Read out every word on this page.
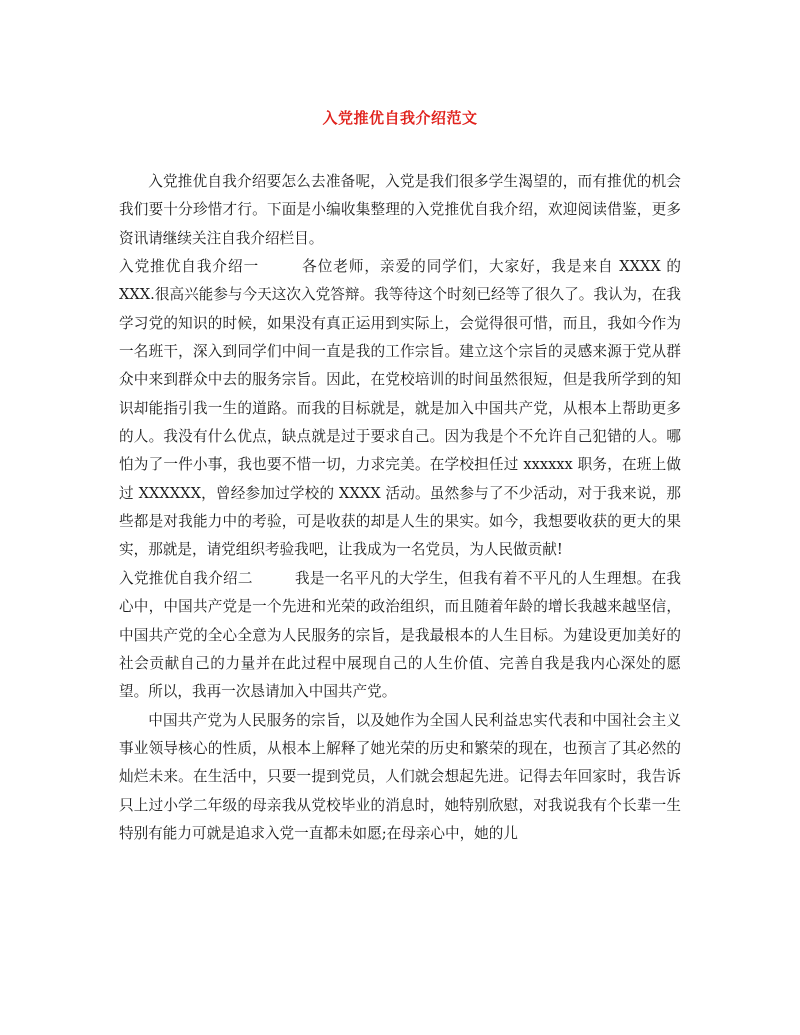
入党推优自我介绍范文

入党推优自我介绍要怎么去准备呢，入党是我们很多学生渴望的，而有推优的机会我们要十分珍惜才行。下面是小编收集整理的入党推优自我介绍，欢迎阅读借鉴，更多资讯请继续关注自我介绍栏目。

入党推优自我介绍一	各位老师，亲爱的同学们，大家好，我是来自 XXXX 的 XXX.很高兴能参与今天这次入党答辩。我等待这个时刻已经等了很久了。我认为，在我学习党的知识的时候，如果没有真正运用到实际上，会觉得很可惜，而且，我如今作为一名班干，深入到同学们中间一直是我的工作宗旨。建立这个宗旨的灵感来源于党从群众中来到群众中去的服务宗旨。因此，在党校培训的时间虽然很短，但是我所学到的知识却能指引我一生的道路。而我的目标就是，就是加入中国共产党，从根本上帮助更多的人。我没有什么优点，缺点就是过于要求自己。因为我是个不允许自己犯错的人。哪怕为了一件小事，我也要不惜一切，力求完美。在学校担任过 xxxxxx 职务，在班上做过 XXXXXX，曾经参加过学校的 XXXX 活动。虽然参与了不少活动，对于我来说，那些都是对我能力中的考验，可是收获的却是人生的果实。如今，我想要收获的更大的果实，那就是，请党组织考验我吧，让我成为一名党员，为人民做贡献!

入党推优自我介绍二	我是一名平凡的大学生，但我有着不平凡的人生理想。在我心中，中国共产党是一个先进和光荣的政治组织，而且随着年龄的增长我越来越坚信，中国共产党的全心全意为人民服务的宗旨，是我最根本的人生目标。为建设更加美好的社会贡献自己的力量并在此过程中展现自己的人生价值、完善自我是我内心深处的愿望。所以，我再一次恳请加入中国共产党。

中国共产党为人民服务的宗旨，以及她作为全国人民利益忠实代表和中国社会主义事业领导核心的性质，从根本上解释了她光荣的历史和繁荣的现在，也预言了其必然的灿烂未来。在生活中，只要一提到党员，人们就会想起先进。记得去年回家时，我告诉只上过小学二年级的母亲我从党校毕业的消息时，她特别欣慰，对我说我有个长辈一生特别有能力可就是追求入党一直都未如愿;在母亲心中，她的儿
